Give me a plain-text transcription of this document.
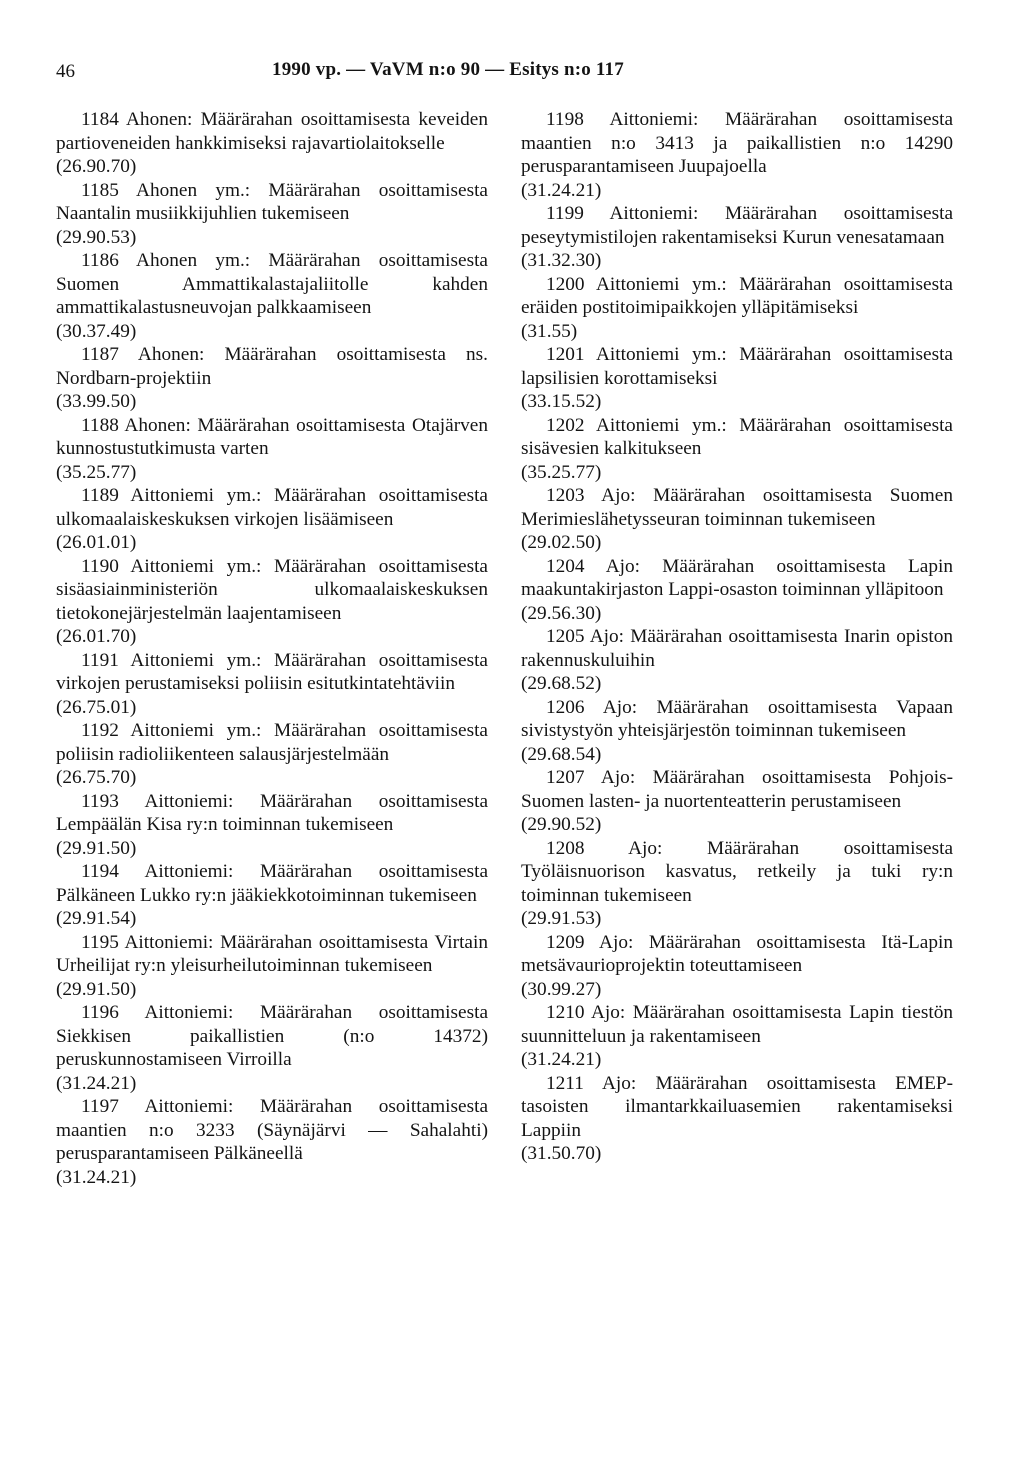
46	1990 vp. — VaVM n:o 90 — Esitys n:o 117
1184 Ahonen: Määrärahan osoittamisesta keveiden partioveneiden hankkimiseksi rajavartiolaitokselle
(26.90.70)
1185 Ahonen ym.: Määrärahan osoittamisesta Naantalin musiikkijuhlien tukemiseen
(29.90.53)
1186 Ahonen ym.: Määrärahan osoittamisesta Suomen Ammattikalastajaliitolle kahden ammattikalastusneuvojan palkkaamiseen
(30.37.49)
1187 Ahonen: Määrärahan osoittamisesta ns. Nordbarn-projektiin
(33.99.50)
1188 Ahonen: Määrärahan osoittamisesta Otajärven kunnostustutkimusta varten
(35.25.77)
1189 Aittoniemi ym.: Määrärahan osoittamisesta ulkomaalaiskeskuksen virkojen lisäämiseen
(26.01.01)
1190 Aittoniemi ym.: Määrärahan osoittamisesta sisäasiainministeriön ulkomaalaiskeskuksen tietokonejärjestelmän laajentamiseen
(26.01.70)
1191 Aittoniemi ym.: Määrärahan osoittamisesta virkojen perustamiseksi poliisin esitutkintatehtäviin
(26.75.01)
1192 Aittoniemi ym.: Määrärahan osoittamisesta poliisin radioliikenteen salausjärjestelmään
(26.75.70)
1193 Aittoniemi: Määrärahan osoittamisesta Lempäälän Kisa ry:n toiminnan tukemiseen
(29.91.50)
1194 Aittoniemi: Määrärahan osoittamisesta Pälkäneen Lukko ry:n jääkiekkotoiminnan tukemiseen
(29.91.54)
1195 Aittoniemi: Määrärahan osoittamisesta Virtain Urheilijat ry:n yleisurheilutoiminnan tukemiseen
(29.91.50)
1196 Aittoniemi: Määrärahan osoittamisesta Siekkisen paikallistien (n:o 14372) peruskunnostamiseen Virroilla
(31.24.21)
1197 Aittoniemi: Määrärahan osoittamisesta maantien n:o 3233 (Säynäjärvi — Sahalahti) perusparantamiseen Pälkäneellä
(31.24.21)
1198 Aittoniemi: Määrärahan osoittamisesta maantien n:o 3413 ja paikallistien n:o 14290 perusparantamiseen Juupajoella
(31.24.21)
1199 Aittoniemi: Määrärahan osoittamisesta peseytymistilojen rakentamiseksi Kurun venesatamaan
(31.32.30)
1200 Aittoniemi ym.: Määrärahan osoittamisesta eräiden postitoimipaikkojen ylläpitämiseksi
(31.55)
1201 Aittoniemi ym.: Määrärahan osoittamisesta lapsilisien korottamiseksi
(33.15.52)
1202 Aittoniemi ym.: Määrärahan osoittamisesta sisävesien kalkitukseen
(35.25.77)
1203 Ajo: Määrärahan osoittamisesta Suomen Merimieslähetysseuran toiminnan tukemiseen
(29.02.50)
1204 Ajo: Määrärahan osoittamisesta Lapin maakuntakirjaston Lappi-osaston toiminnan ylläpitoon
(29.56.30)
1205 Ajo: Määrärahan osoittamisesta Inarin opiston rakennuskuluihin
(29.68.52)
1206 Ajo: Määrärahan osoittamisesta Vapaan sivistystyön yhteisjärjestön toiminnan tukemiseen
(29.68.54)
1207 Ajo: Määrärahan osoittamisesta Pohjois-Suomen lasten- ja nuortenteatterin perustamiseen
(29.90.52)
1208 Ajo: Määrärahan osoittamisesta Työläisnuorison kasvatus, retkeily ja tuki ry:n toiminnan tukemiseen
(29.91.53)
1209 Ajo: Määrärahan osoittamisesta Itä-Lapin metsävaurioprojektin toteuttamiseen
(30.99.27)
1210 Ajo: Määrärahan osoittamisesta Lapin tiestön suunnitteluun ja rakentamiseen
(31.24.21)
1211 Ajo: Määrärahan osoittamisesta EMEP-tasoisten ilmantarkkailuasemien rakentamiseksi Lappiin
(31.50.70)
